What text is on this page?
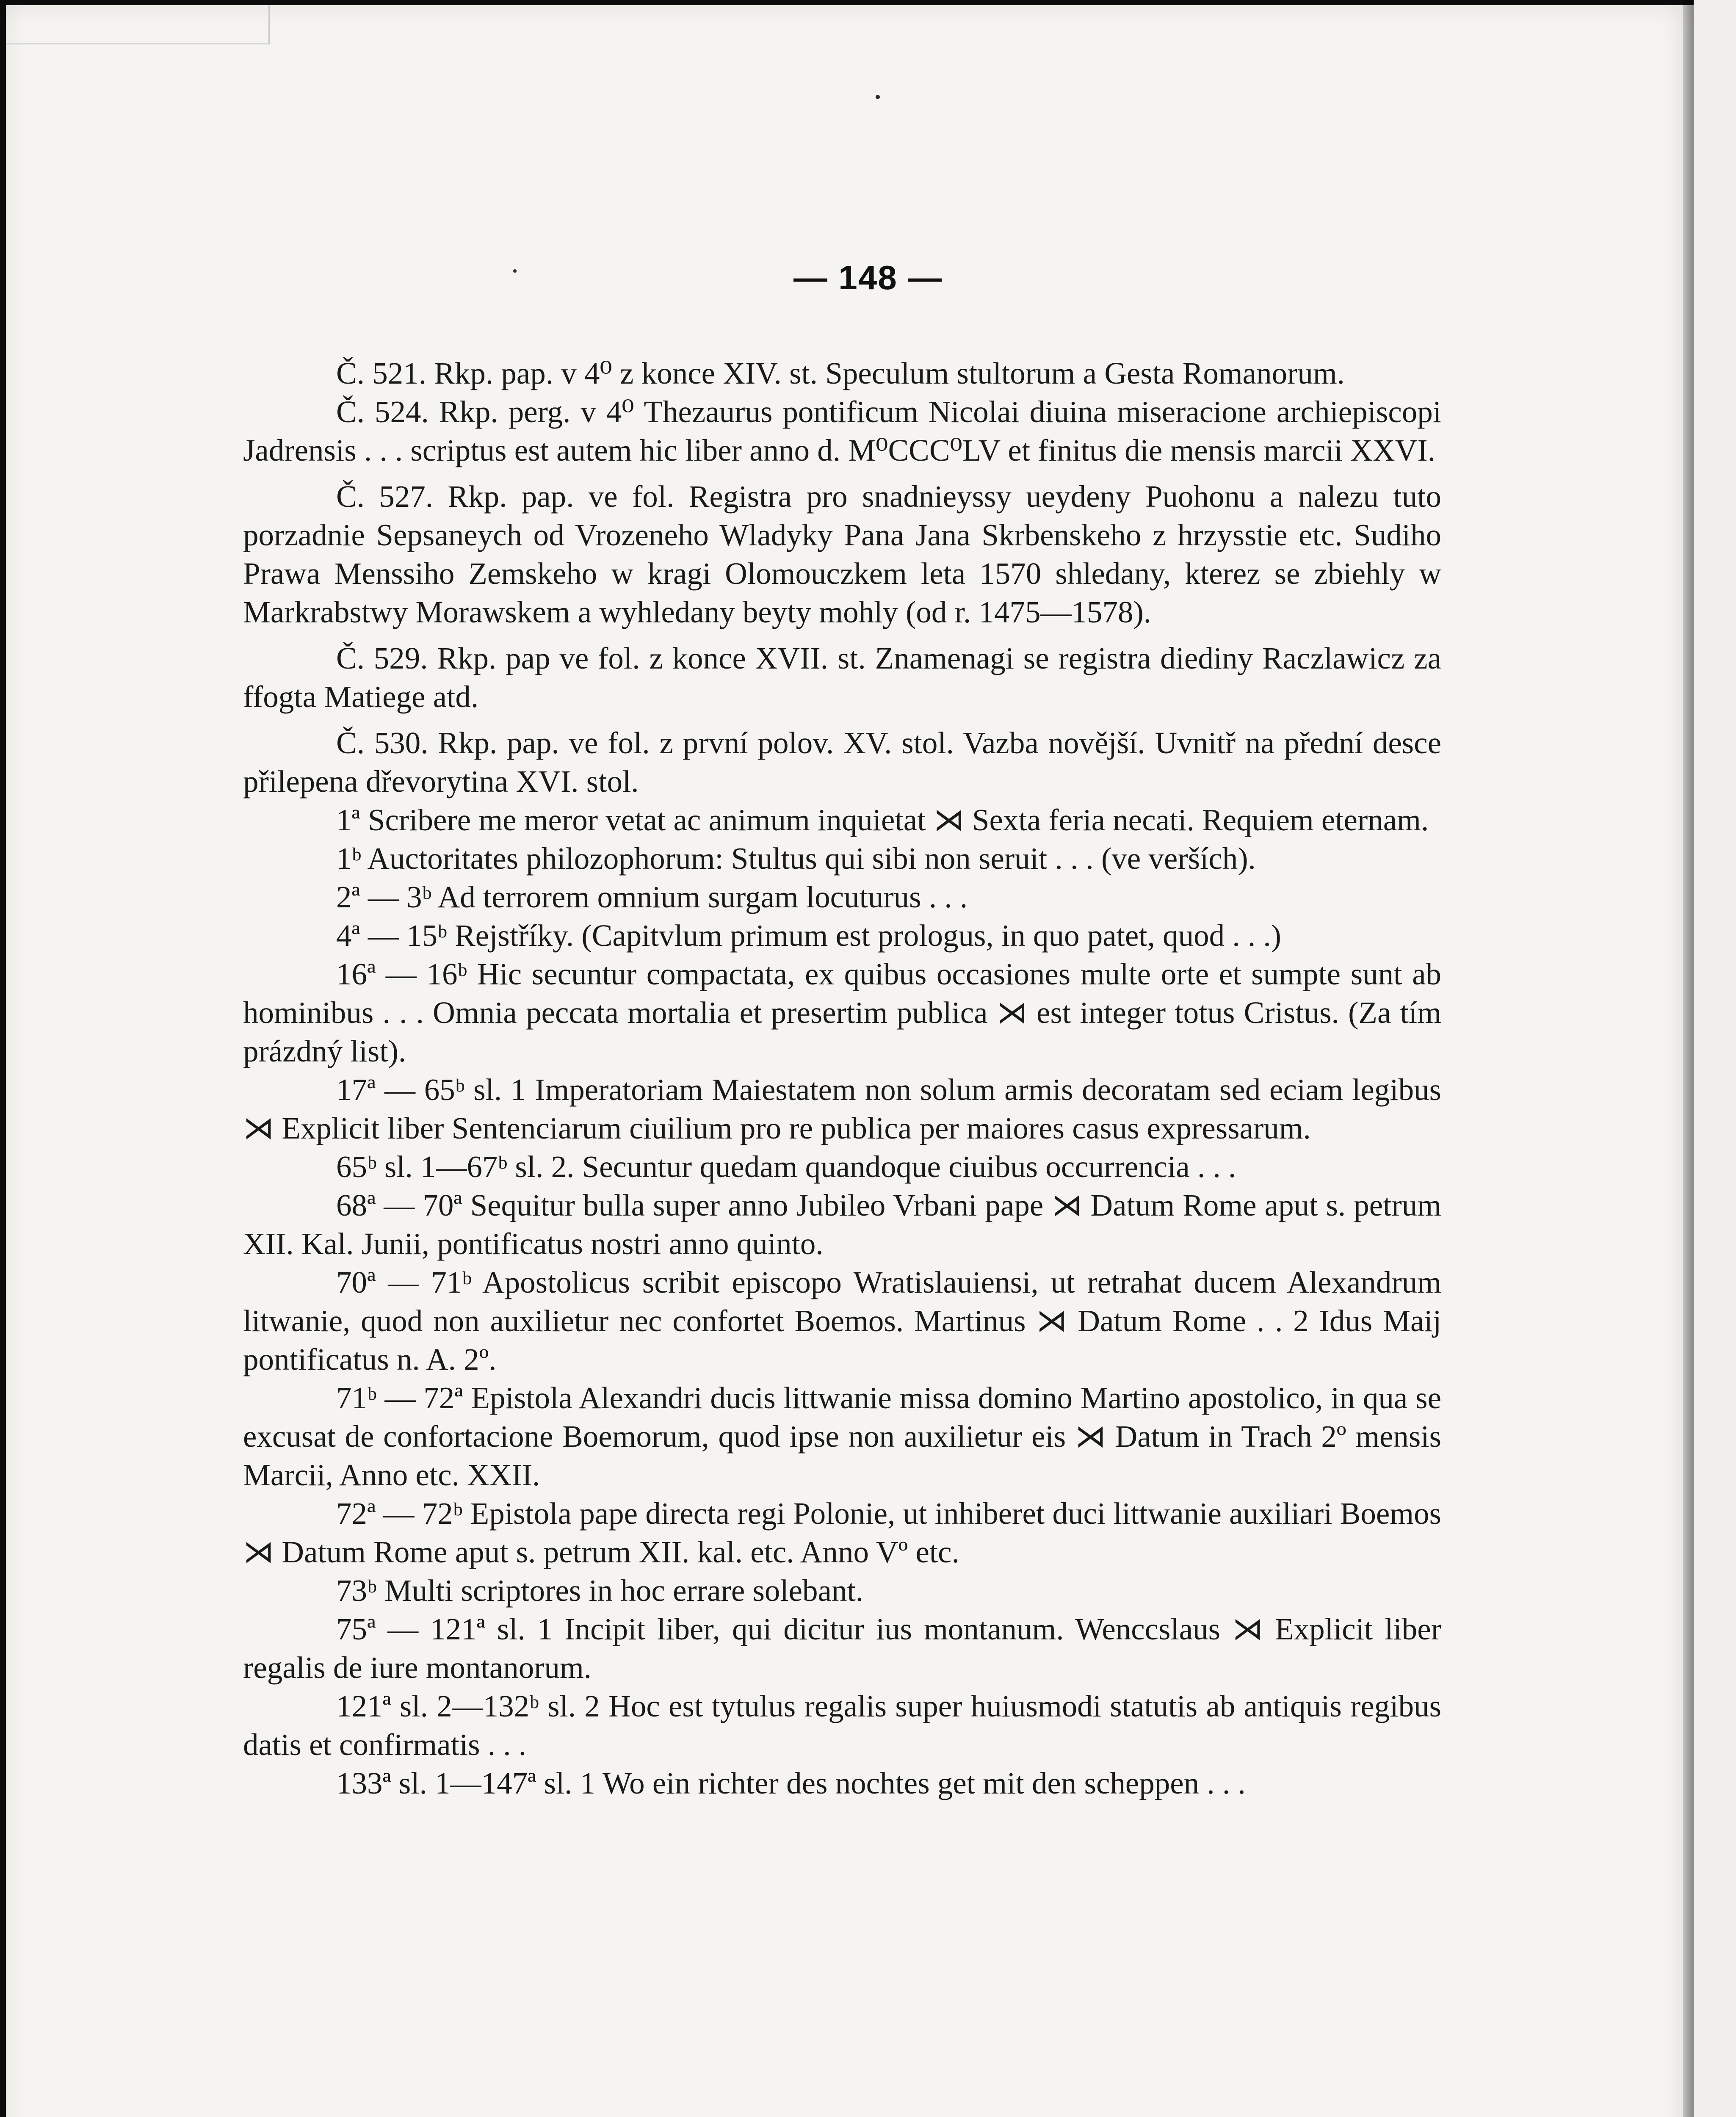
— 148 —

Č. 521. Rkp. pap. v 4⁰ z konce XIV. st. Speculum stultorum a Gesta Romanorum.

Č. 524. Rkp. perg. v 4⁰ Thezaurus pontificum Nicolai diuina miseracione archiepiscopi Jadrensis . . . scriptus est autem hic liber anno d. M⁰CCC⁰LV et finitus die mensis marcii XXVI.

Č. 527. Rkp. pap. ve fol. Registra pro snadnieyssy ueydeny Puohonu a nalezu tuto porzadnie Sepsaneych od Vrozeneho Wladyky Pana Jana Skrbenskeho z hrzysstie etc. Sudiho Prawa Menssiho Zemskeho w kragi Olomouczkem leta 1570 shledany, kterez se zbiehly w Markrabstwy Morawskem a wyhledany beyty mohly (od r. 1475—1578).

Č. 529. Rkp. pap ve fol. z konce XVII. st. Znamenagi se registra diediny Raczlawicz za ffogta Matiege atd.

Č. 530. Rkp. pap. ve fol. z první polov. XV. stol. Vazba novější. Uvnitř na přední desce přilepena dřevorytina XVI. stol.

1ª Scribere me meror vetat ac animum inquietat ⋊ Sexta feria necati. Requiem eternam.

1ᵇ Auctoritates philozophorum: Stultus qui sibi non seruit . . . (ve verších).

2ª — 3ᵇ Ad terrorem omnium surgam locuturus . . .

4ª — 15ᵇ Rejstříky. (Capitvlum primum est prologus, in quo patet, quod . . .)

16ª — 16ᵇ Hic secuntur compactata, ex quibus occasiones multe orte et sumpte sunt ab hominibus . . . Omnia peccata mortalia et presertim publica ⋊ est integer totus Cristus. (Za tím prázdný list).

17ª — 65ᵇ sl. 1 Imperatoriam Maiestatem non solum armis decoratam sed eciam legibus ⋊ Explicit liber Sentenciarum ciuilium pro re publica per maiores casus expressarum.

65ᵇ sl. 1—67ᵇ sl. 2. Secuntur quedam quandoque ciuibus occurrencia . . .

68ª — 70ª Sequitur bulla super anno Jubileo Vrbani pape ⋊ Datum Rome aput s. petrum XII. Kal. Junii, pontificatus nostri anno quinto.

70ª — 71ᵇ Apostolicus scribit episcopo Wratislauiensi, ut retrahat ducem Alexandrum litwanie, quod non auxilietur nec confortet Boemos. Martinus ⋊ Datum Rome . . 2 Idus Maij pontificatus n. A. 2º.

71ᵇ — 72ª Epistola Alexandri ducis littwanie missa domino Martino apostolico, in qua se excusat de confortacione Boemorum, quod ipse non auxilietur eis ⋊ Datum in Trach 2º mensis Marcii, Anno etc. XXII.

72ª — 72ᵇ Epistola pape directa regi Polonie, ut inhiberet duci littwanie auxiliari Boemos ⋊ Datum Rome aput s. petrum XII. kal. etc. Anno Vº etc.

73ᵇ Multi scriptores in hoc errare solebant.

75ª — 121ª sl. 1 Incipit liber, qui dicitur ius montanum. Wenccslaus ⋊ Explicit liber regalis de iure montanorum.

121ª sl. 2—132ᵇ sl. 2 Hoc est tytulus regalis super huiusmodi statutis ab antiquis regibus datis et confirmatis . . .

133ª sl. 1—147ª sl. 1 Wo ein richter des nochtes get mit den scheppen . . .
